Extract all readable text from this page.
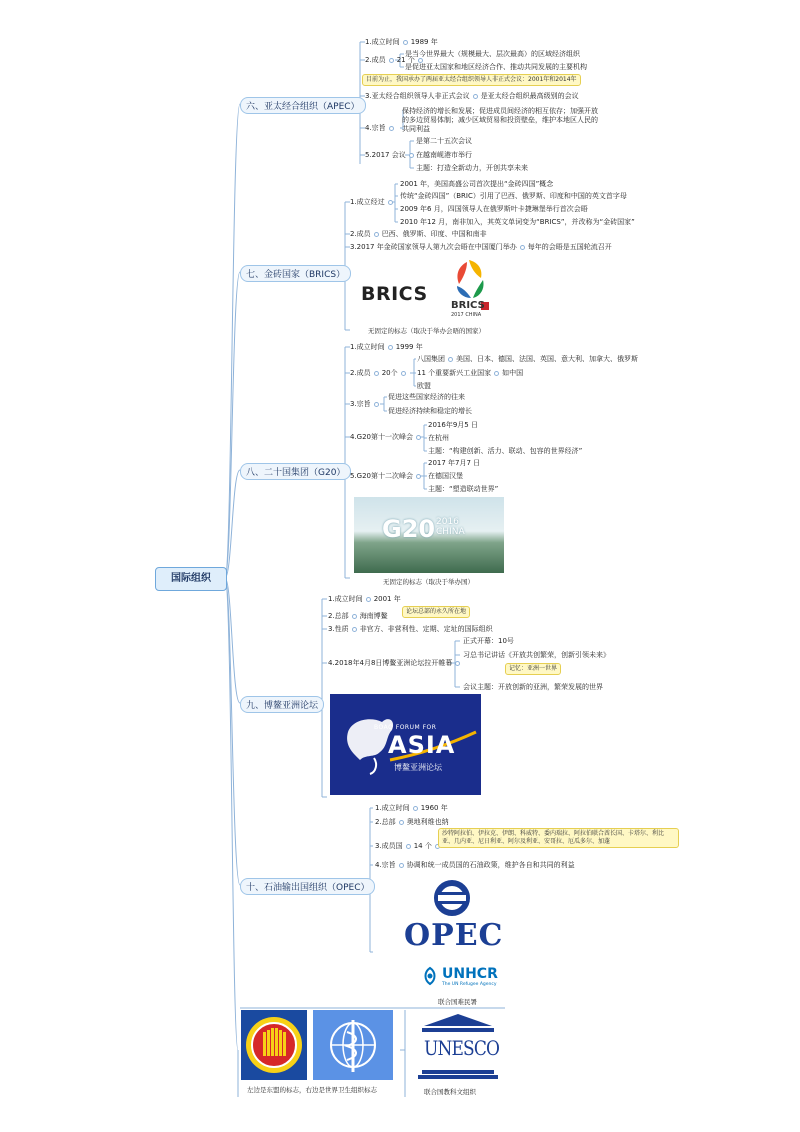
国际组织
六、亚太经合组织（APEC）
1.成立时间 1989 年
2.成员 21 个
是当今世界最大（规模最大、层次最高）的区域经济组织
是促进亚太国家和地区经济合作、推动共同发展的主要机构
目前为止，我国承办了两届亚太经合组织领导人非正式会议：2001年和2014年
3.亚太经合组织领导人非正式会议 是亚太经合组织最高级别的会议
4.宗旨
保持经济的增长和发展；促进成员间经济的相互依存；加强开放
的多边贸易体制；减少区域贸易和投资壁垒，维护本地区人民的
共同利益
5.2017 会议
是第二十五次会议
在越南岘港市举行
主题：打造全新动力，开创共享未来
七、金砖国家（BRICS）
1.成立经过
2001 年，美国高盛公司首次提出“金砖四国”概念
传统“金砖四国”（BRIC）引用了巴西、俄罗斯、印度和中国的英文首字母
2009 年6 月，四国领导人在俄罗斯叶卡捷琳堡举行首次会晤
2010 年12 月，南非加入，其英文单词变为“BRICS”，并改称为“金砖国家”
2.成员 巴西、俄罗斯、印度、中国和南非
3.2017 年金砖国家领导人第九次会晤在中国厦门举办 每年的会晤是五国轮流召开
BRICS
BRICS
2017 CHINA
无固定的标志（取决于举办会晤的国家）
八、二十国集团（G20）
1.成立时间 1999 年
2.成员 20个
八国集团 美国、日本、德国、法国、英国、意大利、加拿大、俄罗斯
11 个重要新兴工业国家 如中国
欧盟
3.宗旨
促进这些国家经济的往来
促进经济持续和稳定的增长
4.G20第十一次峰会
2016年9月5 日
在杭州
主题：“构建创新、活力、联动、包容的世界经济”
5.G20第十二次峰会
2017 年7月7 日
在德国汉堡
主题：“塑造联动世界”
G20 2016
CHINA
无固定的标志（取决于举办国）
九、博鳌亚洲论坛
1.成立时间 2001 年
2.总部 海南博鳌
论坛总部的永久所在地
3.性质 非官方、非营利性、定期、定址的国际组织
4.2018年4月8日博鳌亚洲论坛拉开帷幕
正式开幕：10号
习总书记讲话《开放共创繁荣，创新引领未来》
记忆：亚洲一世界
会议主题：开放创新的亚洲，繁荣发展的世界
BOAO FORUM FOR
ASIA
博鳌亚洲论坛
十、石油输出国组织（OPEC）
1.成立时间 1960 年
2.总部 奥地利维也纳
3.成员国 14 个
沙特阿拉伯、伊拉克、伊朗、科威特、委内瑞拉、阿拉伯联合酋长国、卡塔尔、利比亚、几内亚、尼日利亚、阿尔及利亚、安哥拉、厄瓜多尔、加蓬
4.宗旨 协调和统一成员国的石油政策，维护各自和共同的利益
OPEC
UNHCR
The UN Refugee Agency
联合国难民署
左边是东盟的标志，右边是世界卫生组织标志
UNESCO
联合国教科文组织
